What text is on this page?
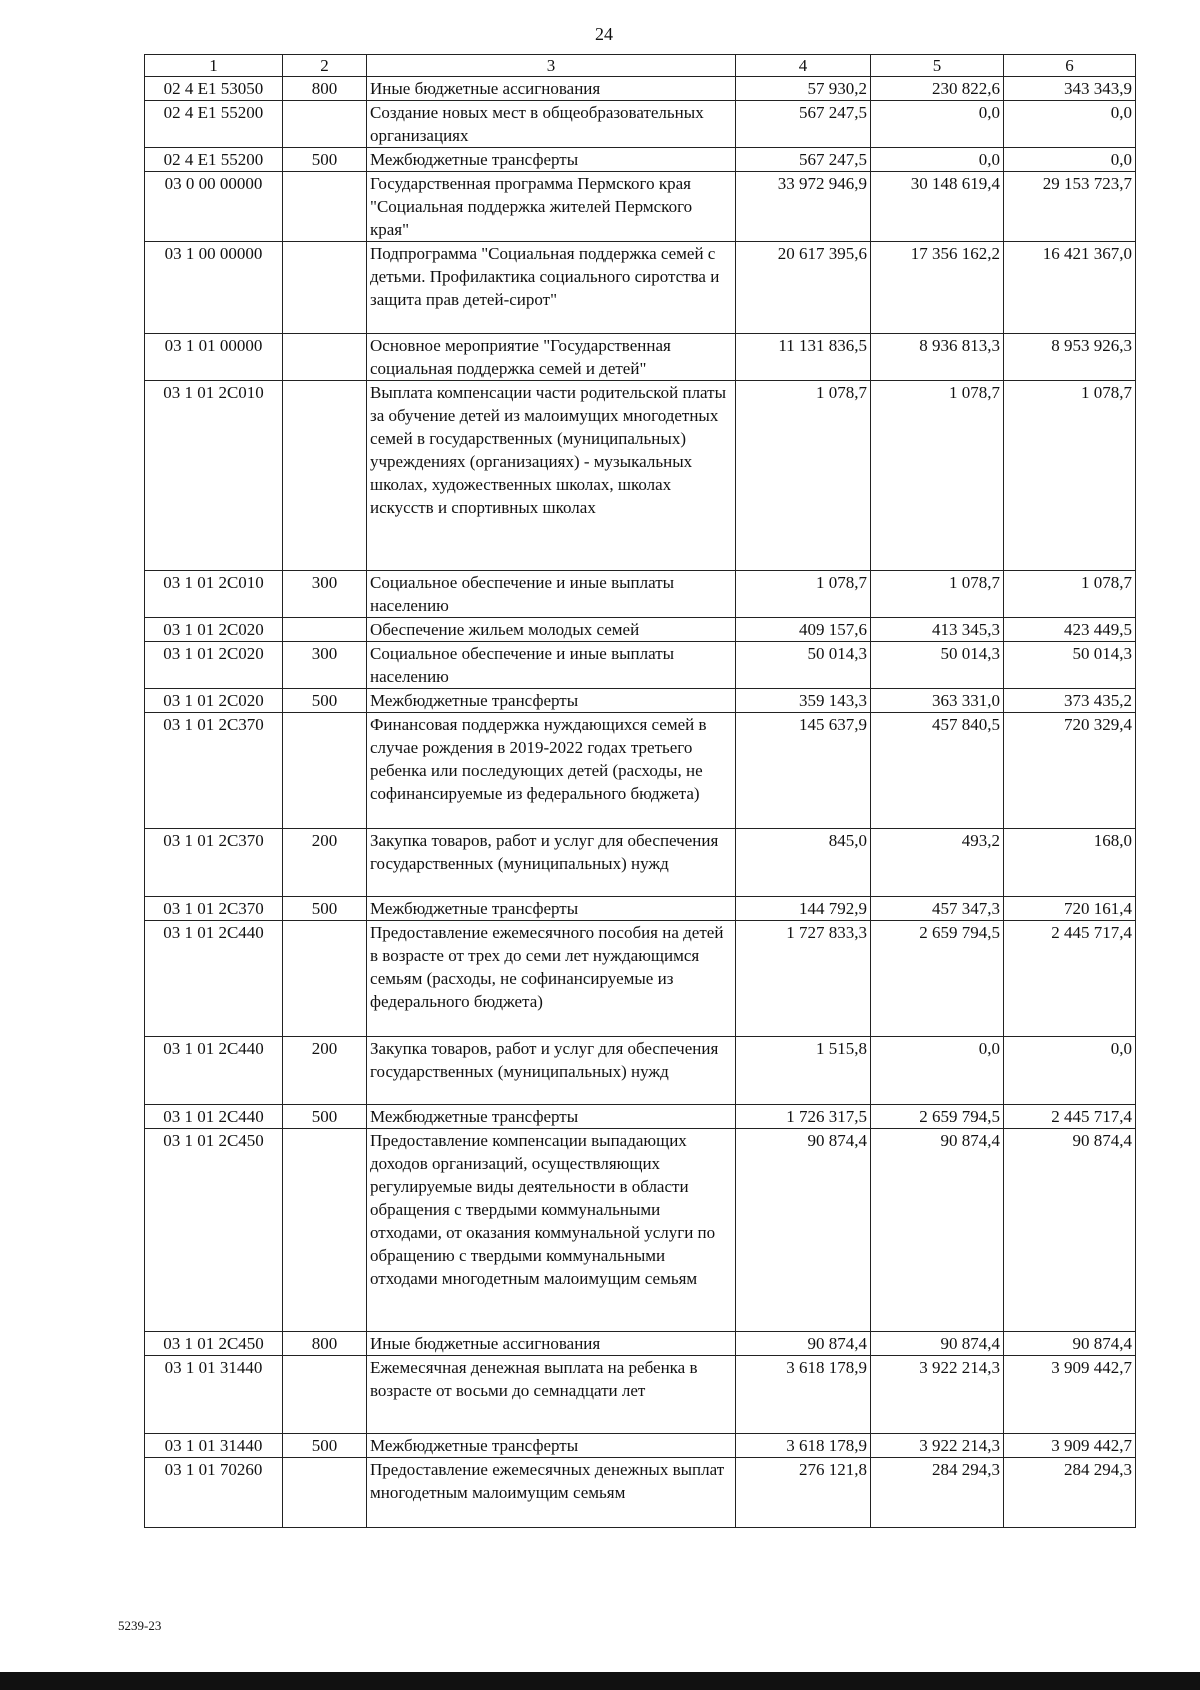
24
1	2	3	4	5	6
02 4 E1 53050	800	Иные бюджетные ассигнования	57 930,2	230 822,6	343 343,9
02 4 E1 55200		Создание новых мест в общеобразовательных организациях	567 247,5	0,0	0,0
02 4 E1 55200	500	Межбюджетные трансферты	567 247,5	0,0	0,0
03 0 00 00000		Государственная программа Пермского края "Социальная поддержка жителей Пермского края"	33 972 946,9	30 148 619,4	29 153 723,7
03 1 00 00000		Подпрограмма "Социальная поддержка семей с детьми. Профилактика социального сиротства и защита прав детей-сирот"	20 617 395,6	17 356 162,2	16 421 367,0
03 1 01 00000		Основное мероприятие "Государственная социальная поддержка семей и детей"	11 131 836,5	8 936 813,3	8 953 926,3
03 1 01 2C010		Выплата компенсации части родительской платы за обучение детей из малоимущих многодетных семей в государственных (муниципальных) учреждениях (организациях) - музыкальных школах, художественных школах, школах искусств и спортивных школах	1 078,7	1 078,7	1 078,7
03 1 01 2C010	300	Социальное обеспечение и иные выплаты населению	1 078,7	1 078,7	1 078,7
03 1 01 2C020		Обеспечение жильем молодых семей	409 157,6	413 345,3	423 449,5
03 1 01 2C020	300	Социальное обеспечение и иные выплаты населению	50 014,3	50 014,3	50 014,3
03 1 01 2C020	500	Межбюджетные трансферты	359 143,3	363 331,0	373 435,2
03 1 01 2C370		Финансовая поддержка нуждающихся семей в случае рождения в 2019-2022 годах третьего ребенка или последующих детей (расходы, не софинансируемые из федерального бюджета)	145 637,9	457 840,5	720 329,4
03 1 01 2C370	200	Закупка товаров, работ и услуг для обеспечения государственных (муниципальных) нужд	845,0	493,2	168,0
03 1 01 2C370	500	Межбюджетные трансферты	144 792,9	457 347,3	720 161,4
03 1 01 2C440		Предоставление ежемесячного пособия на детей в возрасте от трех до семи лет нуждающимся семьям (расходы, не софинансируемые из федерального бюджета)	1 727 833,3	2 659 794,5	2 445 717,4
03 1 01 2C440	200	Закупка товаров, работ и услуг для обеспечения государственных (муниципальных) нужд	1 515,8	0,0	0,0
03 1 01 2C440	500	Межбюджетные трансферты	1 726 317,5	2 659 794,5	2 445 717,4
03 1 01 2C450		Предоставление компенсации выпадающих доходов организаций, осуществляющих регулируемые виды деятельности в области обращения с твердыми коммунальными отходами, от оказания коммунальной услуги по обращению с твердыми коммунальными отходами многодетным малоимущим семьям	90 874,4	90 874,4	90 874,4
03 1 01 2C450	800	Иные бюджетные ассигнования	90 874,4	90 874,4	90 874,4
03 1 01 31440		Ежемесячная денежная выплата на ребенка в возрасте от восьми до семнадцати лет	3 618 178,9	3 922 214,3	3 909 442,7
03 1 01 31440	500	Межбюджетные трансферты	3 618 178,9	3 922 214,3	3 909 442,7
03 1 01 70260		Предоставление ежемесячных денежных выплат многодетным малоимущим семьям	276 121,8	284 294,3	284 294,3
5239-23
